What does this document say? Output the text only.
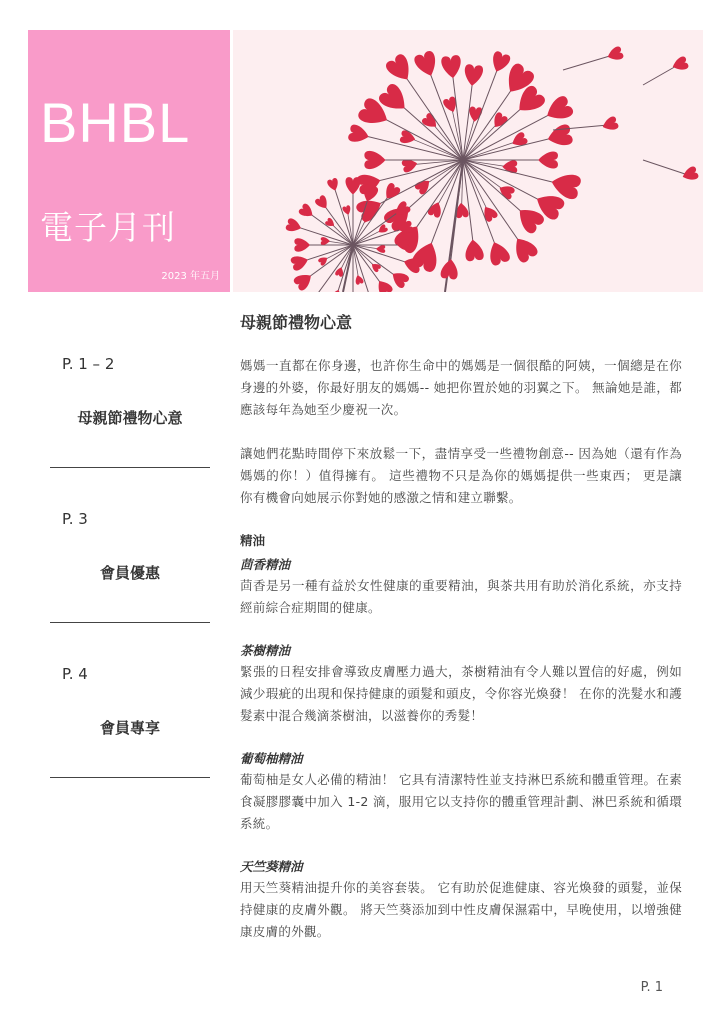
BHBL
電子月刊
2023 年五月
P. 1 – 2
母親節禮物心意
P. 3
會員優惠
P. 4
會員專享
母親節禮物心意

媽媽一直都在你身邊，也許你生命中的媽媽是一個很酷的阿姨，一個總是在你身邊的外婆，你最好朋友的媽媽-- 她把你置於她的羽翼之下。 無論她是誰，都應該每年為她至少慶祝一次。

讓她們花點時間停下來放鬆一下，盡情享受一些禮物創意-- 因為她（還有作為媽媽的你！）值得擁有。 這些禮物不只是為你的媽媽提供一些東西； 更是讓你有機會向她展示你對她的感激之情和建立聯繫。

精油
茴香精油

茴香是另一種有益於女性健康的重要精油，與茶共用有助於消化系統，亦支持經前綜合症期間的健康。

茶樹精油

緊張的日程安排會導致皮膚壓力過大，茶樹精油有令人難以置信的好處，例如減少瑕疵的出現和保持健康的頭髮和頭皮，令你容光煥發！ 在你的洗髮水和護髮素中混合幾滴茶樹油，以滋養你的秀髮！

葡萄柚精油

葡萄柚是女人必備的精油！ 它具有清潔特性並支持淋巴系統和體重管理。在素食凝膠膠囊中加入 1-2 滴，服用它以支持你的體重管理計劃、淋巴系統和循環系統。

天竺葵精油

用天竺葵精油提升你的美容套裝。 它有助於促進健康、容光煥發的頭髮，並保持健康的皮膚外觀。 將天竺葵添加到中性皮膚保濕霜中，早晚使用，以增強健康皮膚的外觀。

P. 1
